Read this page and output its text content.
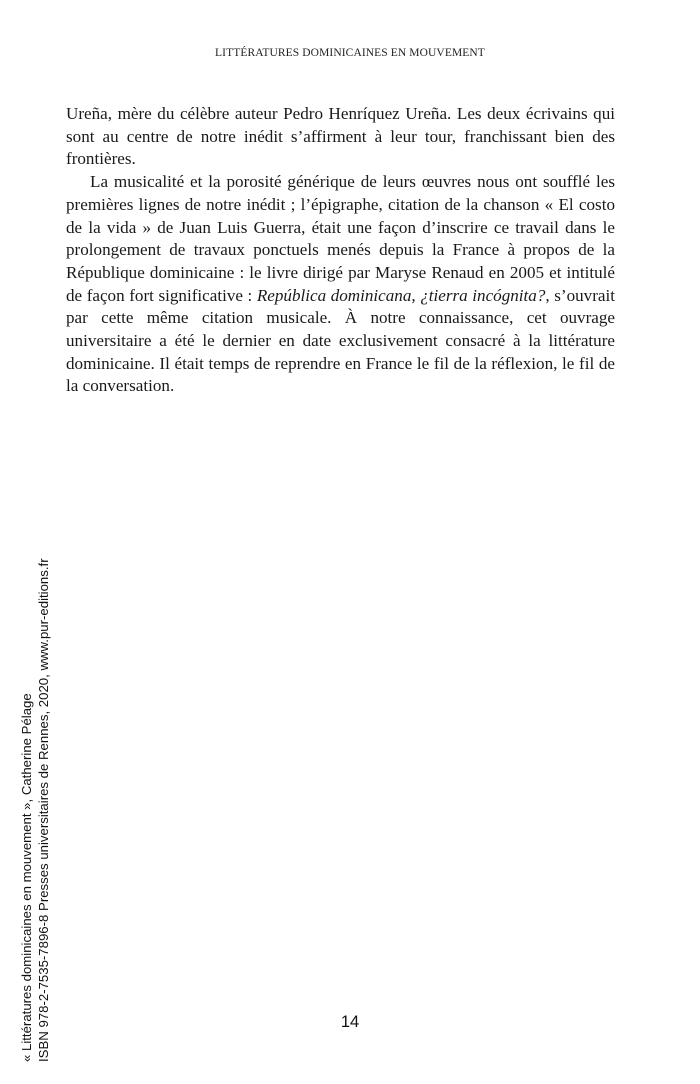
LITTÉRATURES DOMINICAINES EN MOUVEMENT

Ureña, mère du célèbre auteur Pedro Henríquez Ureña. Les deux écrivains qui sont au centre de notre inédit s’affirment à leur tour, franchissant bien des frontières.

La musicalité et la porosité générique de leurs œuvres nous ont soufflé les premières lignes de notre inédit ; l’épigraphe, citation de la chanson « El costo de la vida » de Juan Luis Guerra, était une façon d’inscrire ce travail dans le prolongement de travaux ponctuels menés depuis la France à propos de la République dominicaine : le livre dirigé par Maryse Renaud en 2005 et intitulé de façon fort significative : República dominicana, ¿tierra incógnita?, s’ouvrait par cette même citation musicale. À notre connaissance, cet ouvrage universitaire a été le dernier en date exclusivement consacré à la littérature dominicaine. Il était temps de reprendre en France le fil de la réflexion, le fil de la conversation.

14
« Littératures dominicaines en mouvement », Catherine Pélage ISBN 978-2-7535-7896-8 Presses universitaires de Rennes, 2020, www.pur-editions.fr
